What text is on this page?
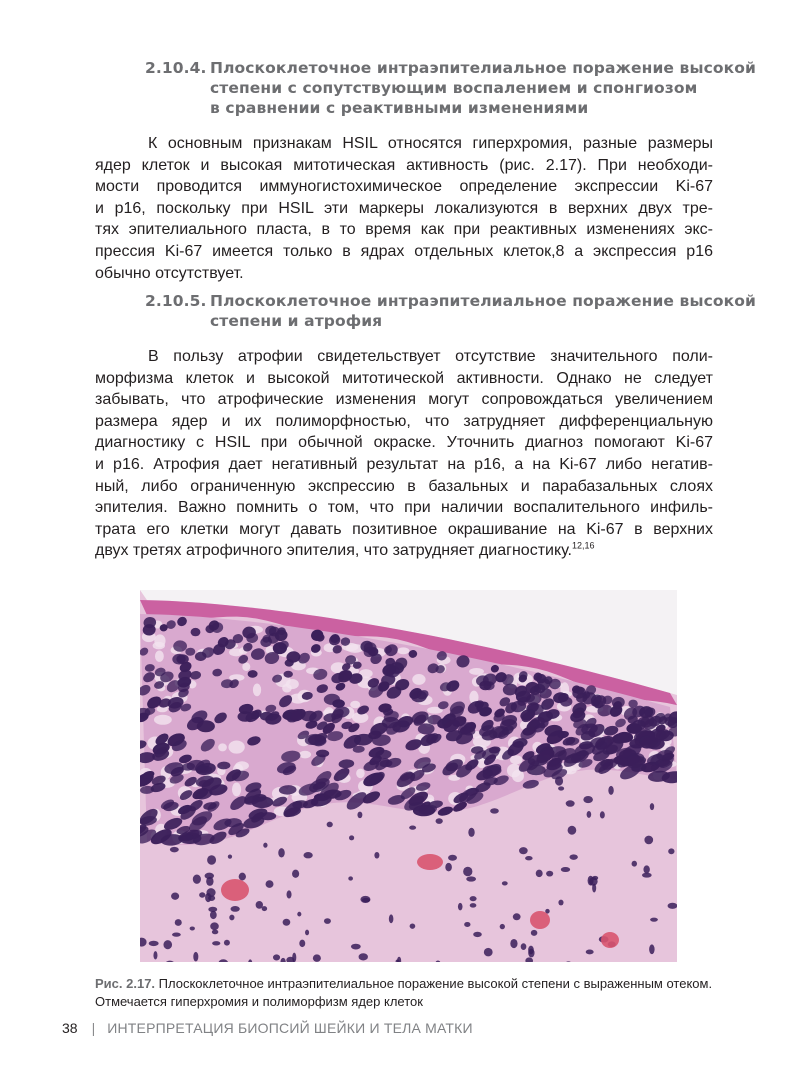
2.10.4. Плоскоклеточное интраэпителиальное поражение высокой
степени с сопутствующим воспалением и спонгиозом
в сравнении с реактивными изменениями
К основным признакам HSIL относятся гиперхромия, разные размеры
ядер клеток и высокая митотическая активность (рис. 2.17). При необходи-
мости проводится иммуногистохимическое определение экспрессии Ki-67
и p16, поскольку при HSIL эти маркеры локализуются в верхних двух тре-
тях эпителиального пласта, в то время как при реактивных изменениях экс-
прессия Ki-67 имеется только в ядрах отдельных клеток,8 а экспрессия p16
обычно отсутствует.
2.10.5. Плоскоклеточное интраэпителиальное поражение высокой
степени и атрофия
В пользу атрофии свидетельствует отсутствие значительного поли-
морфизма клеток и высокой митотической активности. Однако не следует
забывать, что атрофические изменения могут сопровождаться увеличением
размера ядер и их полиморфностью, что затрудняет дифференциальную
диагностику с HSIL при обычной окраске. Уточнить диагноз помогают Ki-67
и p16. Атрофия дает негативный результат на p16, а на Ki-67 либо негатив-
ный, либо ограниченную экспрессию в базальных и парабазальных слоях
эпителия. Важно помнить о том, что при наличии воспалительного инфиль-
трата его клетки могут давать позитивное окрашивание на Ki-67 в верхних
двух третях атрофичного эпителия, что затрудняет диагностику.$^{12,16}$
Рис. 2.17. Плоскоклеточное интраэпителиальное поражение высокой степени с выраженным отеком. Отмечается гиперхромия и полиморфизм ядер клеток
38 | ИНТЕРПРЕТАЦИЯ БИОПСИЙ ШЕЙКИ И ТЕЛА МАТКИ
